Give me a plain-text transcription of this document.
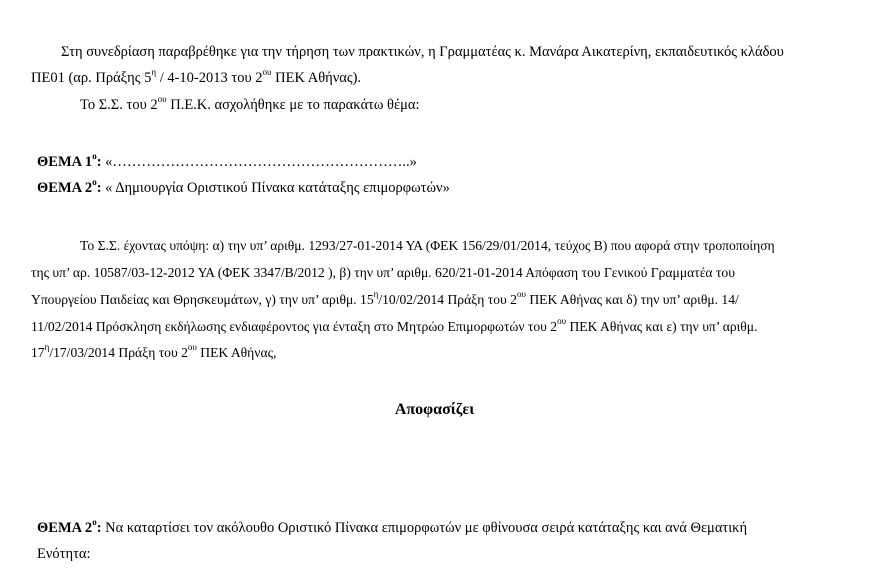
Στη συνεδρίαση παραβρέθηκε για την τήρηση των πρακτικών, η Γραμματέας κ. Μανάρα Αικατερίνη, εκπαιδευτικός κλάδου
ΠΕ01 (αρ. Πράξης $5^\eta / 4-10-2013$ του $2^{o\upsilon}$ ΠΕΚ Αθήνας).
Το Σ.Σ. του $2^{o\upsilon}$ Π.Ε.Κ. ασχολήθηκε με το παρακάτω θέμα:
ΘΕΜΑ $1^o$: «……………………………………………………..»
ΘΕΜΑ $2^o$: « Δημιουργία Οριστικού Πίνακα κατάταξης επιμορφωτών»
Το Σ.Σ. έχοντας υπόψη: α) την υπ’ αριθμ. 1293/27-01-2014 ΥΑ (ΦΕΚ 156/29/01/2014, τεύχος Β) που αφορά στην τροποποίηση
της υπ’ αρ. 10587/03-12-2012 ΥΑ (ΦΕΚ 3347/Β/2012 ), β) την υπ’ αριθμ. 620/21-01-2014 Απόφαση του Γενικού Γραμματέα του
Υπουργείου Παιδείας και Θρησκευμάτων, γ) την υπ’ αριθμ. $15^\eta/10/02/2014$ Πράξη του $2^{o\upsilon}$ ΠΕΚ Αθήνας και δ) την υπ’ αριθμ. 14/
11/02/2014 Πρόσκληση εκδήλωσης ενδιαφέροντος για ένταξη στο Μητρώο Επιμορφωτών του $2^{o\upsilon}$ ΠΕΚ Αθήνας και ε) την υπ’ αριθμ.
$17^\eta/17/03/2014$ Πράξη του $2^{o\upsilon}$ ΠΕΚ Αθήνας,
Αποφασίζει
ΘΕΜΑ $2^o$: Να καταρτίσει τον ακόλουθο Οριστικό Πίνακα επιμορφωτών με φθίνουσα σειρά κατάταξης και ανά Θεματική
Ενότητα:
